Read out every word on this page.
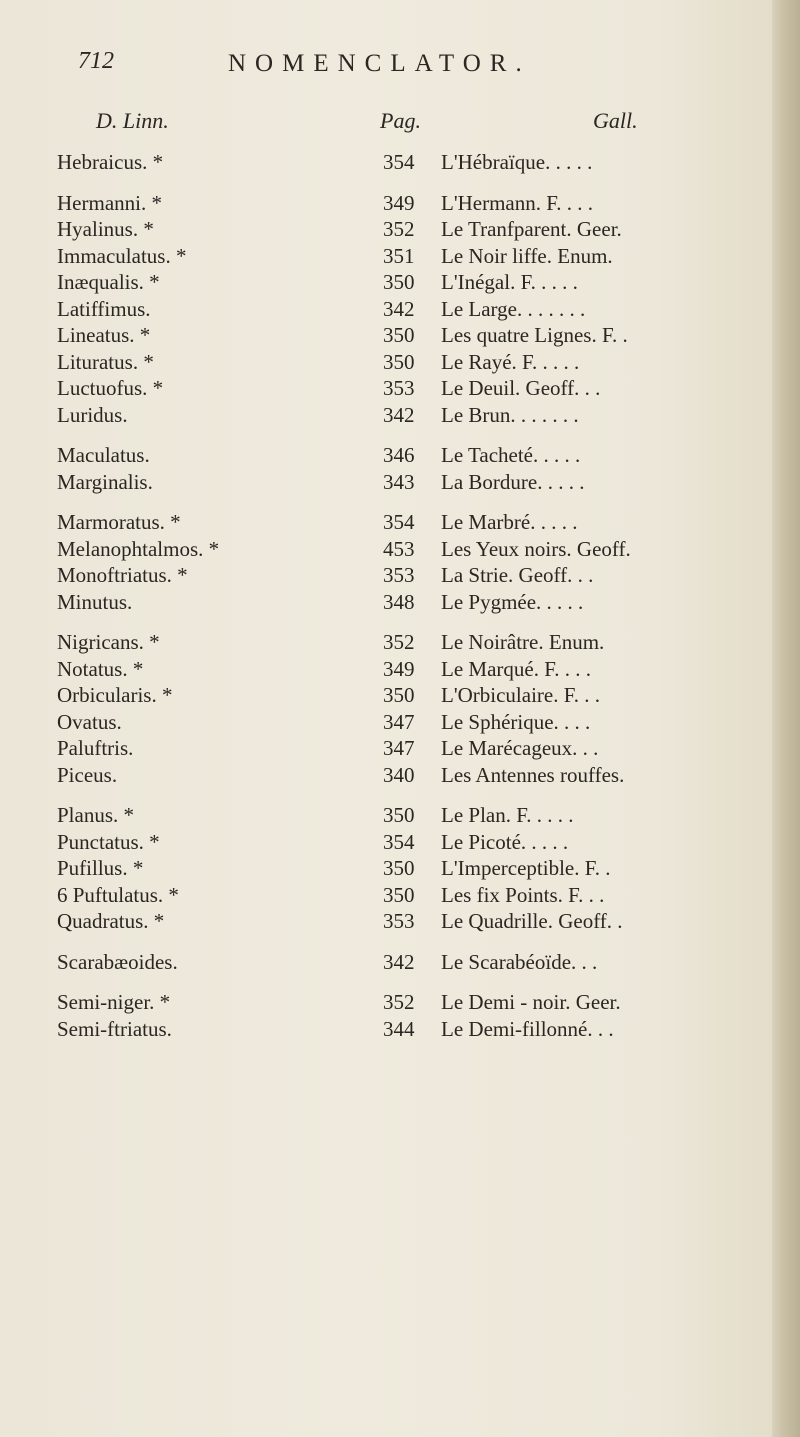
712	NOMENCLATOR.
D. Linn.	Pag.	Gall.
Hebraicus. *	354 L'Hébraïque. . . . .
Hermanni. *	349 L'Hermann. F. . . .
Hyalinus. *	352 Le Tranfparent. Geer.
Immaculatus. *	351 Le Noir liffe. Enum.
Inæqualis. *	350 L'Inégal. F. . . . .
Latiffimus.	342 Le Large. . . . . . .
Lineatus. *	350 Les quatre Lignes. F. .
Lituratus. *	350 Le Rayé. F. . . . .
Luctuofus. *	353 Le Deuil. Geoff. . .
Luridus.	342 Le Brun. . . . . . .
Maculatus.	346 Le Tacheté. . . . .
Marginalis.	343 La Bordure. . . . .
Marmoratus. *	354 Le Marbré. . . . .
Melanophtalmos. *	453 Les Yeux noirs. Geoff.
Monoftriatus. *	353 La Strie. Geoff. . .
Minutus.	348 Le Pygmée. . . . .
Nigricans. *	352 Le Noirâtre. Enum.
Notatus. *	349 Le Marqué. F. . . .
Orbicularis. *	350 L'Orbiculaire. F. . .
Ovatus.	347 Le Sphérique. . . .
Paluftris.	347 Le Marécageux. . .
Piceus.	340 Les Antennes rouffes.
Planus. *	350 Le Plan. F. . . . .
Punctatus. *	354 Le Picoté. . . . .
Pufillus. *	350 L'Imperceptible. F. .
6 Puftulatus. *	350 Les fix Points. F. . .
Quadratus. *	353 Le Quadrille. Geoff. .
Scarabæoides.	342 Le Scarabéoïde. . .
Semi-niger. *	352 Le Demi - noir. Geer.
Semi-ftriatus.	344 Le Demi-fillonné. . .
